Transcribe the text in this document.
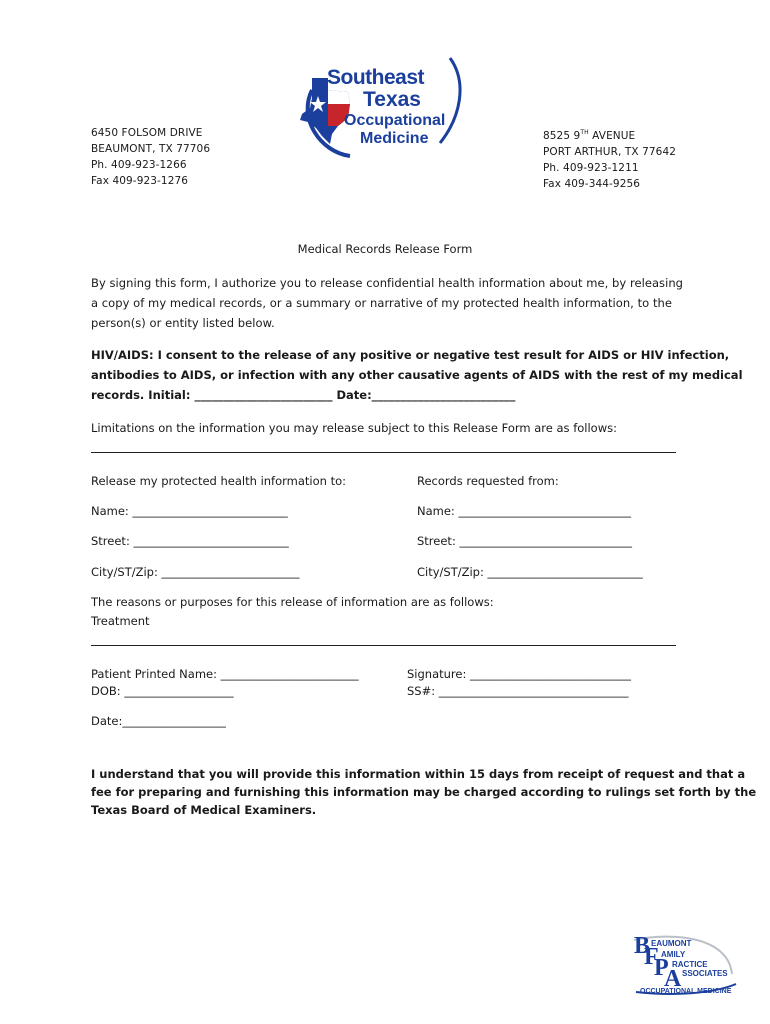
Southeast
Texas
Occupational
Medicine
6450 FOLSOM DRIVE
BEAUMONT, TX 77706
Ph. 409-923-1266
Fax 409-923-1276
8525 9TH AVENUE
PORT ARTHUR, TX 77642
Ph. 409-923-1211
Fax 409-344-9256
Medical Records Release Form
By signing this form, I authorize you to release confidential health information about me, by releasing a copy of my medical records, or a summary or narrative of my protected health information, to the person(s) or entity listed below.
HIV/AIDS: I consent to the release of any positive or negative test result for AIDS or HIV infection,
antibodies to AIDS, or infection with any other causative agents of AIDS with the rest of my medical
records. Initial: ________________________ Date:_________________________
Limitations on the information you may release subject to this Release Form are as follows:
Release my protected health information to:	Records requested from:
Name: ___________________________	Name: ______________________________
Street: ___________________________	Street: ______________________________
City/ST/Zip: ________________________	City/ST/Zip: ___________________________
The reasons or purposes for this release of information are as follows:
Treatment
Patient Printed Name: ________________________	Signature: ____________________________
DOB: ___________________	SS#: _________________________________
Date:__________________
I understand that you will provide this information within 15 days from receipt of request and that a
fee for preparing and furnishing this information may be charged according to rulings set forth by the
Texas Board of Medical Examiners.
B
F
P
A
EAUMONT
AMILY
RACTICE
SSOCIATES
OCCUPATIONAL MEDICINE
